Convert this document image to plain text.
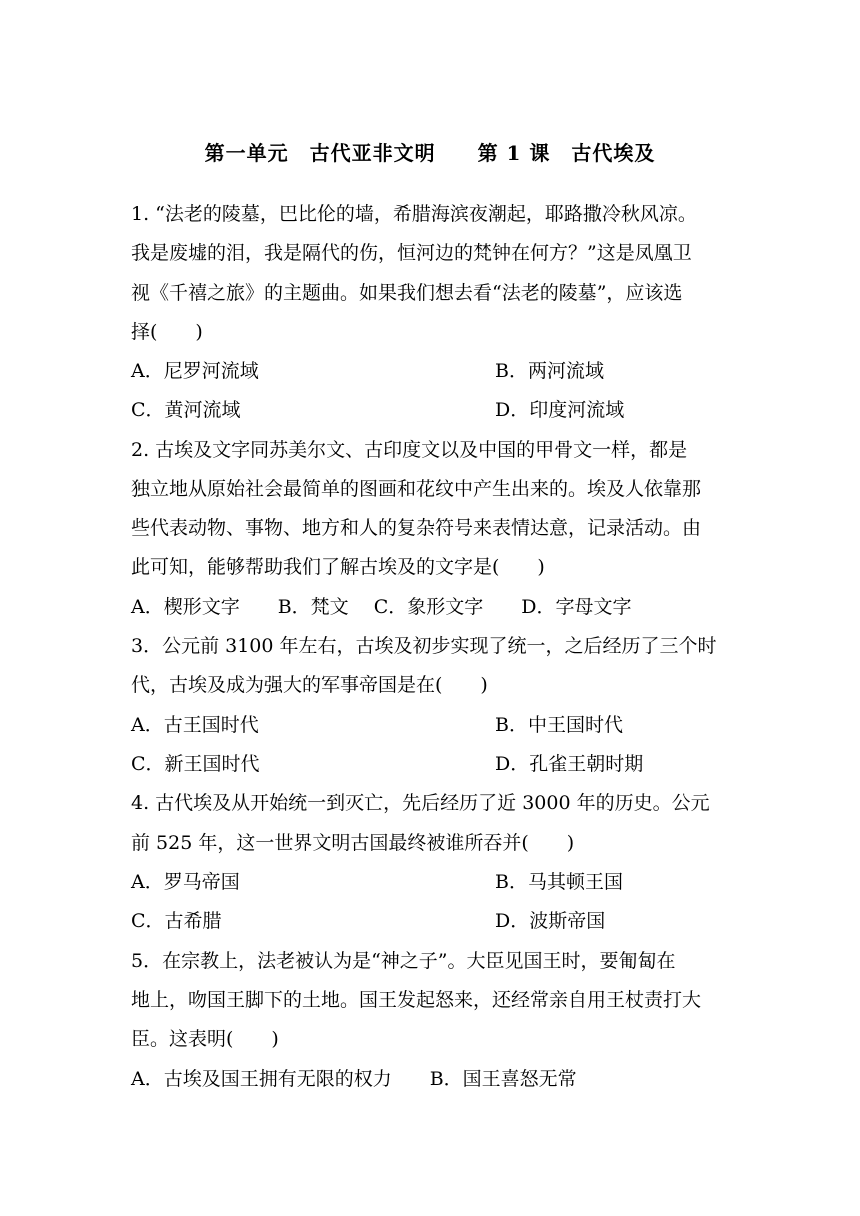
第一单元　古代亚非文明　　第 1 课　古代埃及
1. “法老的陵墓，巴比伦的墙，希腊海滨夜潮起，耶路撒冷秋风凉。
我是废墟的泪，我是隔代的伤，恒河边的梵钟在何方？”这是凤凰卫
视《千禧之旅》的主题曲。如果我们想去看“法老的陵墓”，应该选
择(　　)
A．尼罗河流域	B．两河流域
C．黄河流域	D．印度河流域
2. 古埃及文字同苏美尔文、古印度文以及中国的甲骨文一样，都是
独立地从原始社会最简单的图画和花纹中产生出来的。埃及人依靠那
些代表动物、事物、地方和人的复杂符号来表情达意，记录活动。由
此可知，能够帮助我们了解古埃及的文字是(　　)
A．楔形文字　　B．梵文　 C．象形文字　　D．字母文字
3．公元前 3100 年左右，古埃及初步实现了统一，之后经历了三个时
代，古埃及成为强大的军事帝国是在(　　)
A．古王国时代	B．中王国时代
C．新王国时代	D．孔雀王朝时期
4. 古代埃及从开始统一到灭亡，先后经历了近 3000 年的历史。公元
前 525 年，这一世界文明古国最终被谁所吞并(　　)
A．罗马帝国	B．马其顿王国
C．古希腊	D．波斯帝国
5．在宗教上，法老被认为是“神之子”。大臣见国王时，要匍匐在
地上，吻国王脚下的土地。国王发起怒来，还经常亲自用王杖责打大
臣。这表明(　　)
A．古埃及国王拥有无限的权力　　B．国王喜怒无常
